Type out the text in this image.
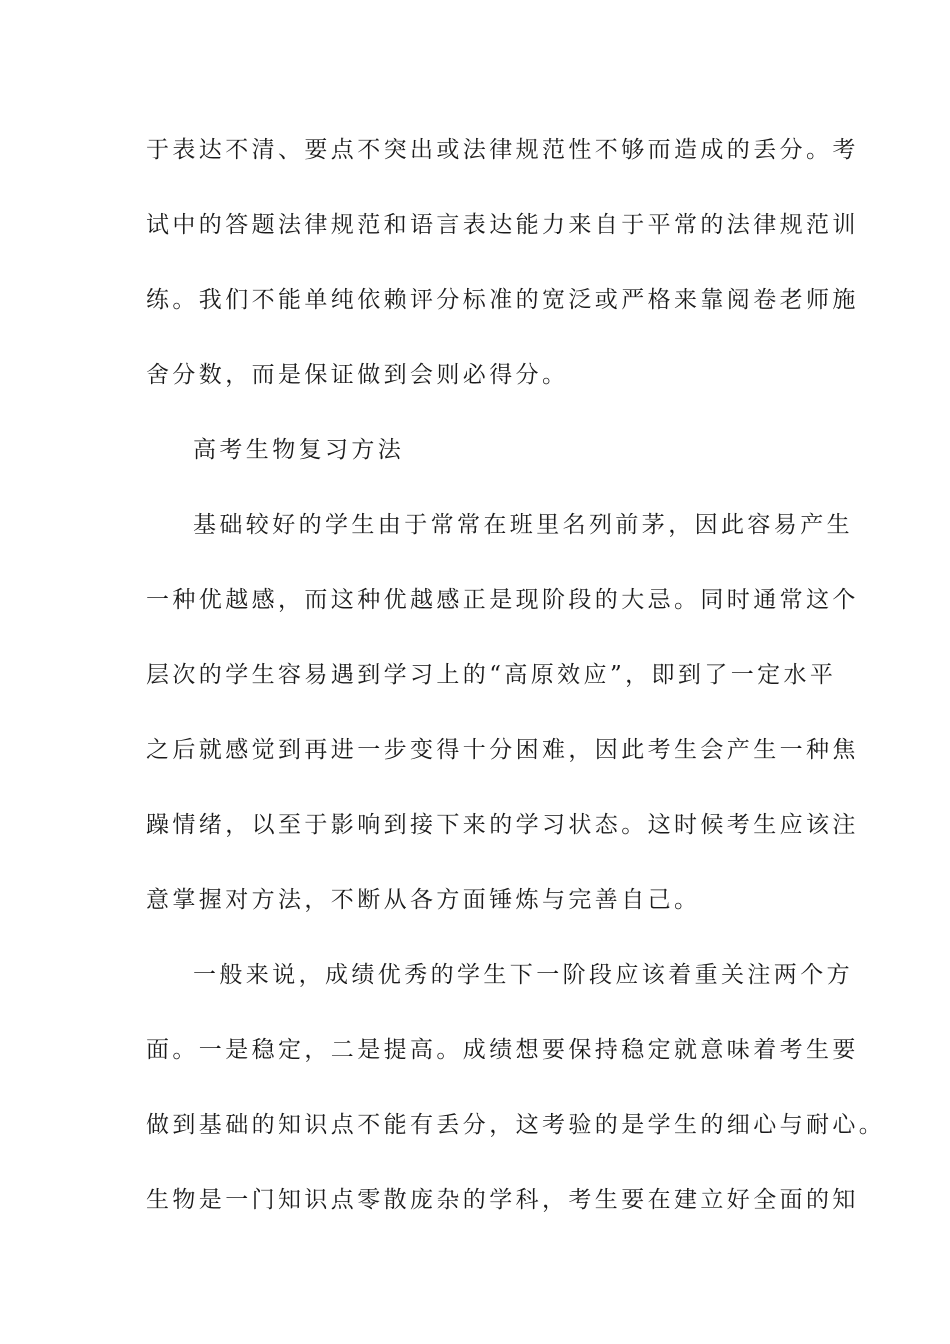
于表达不清、要点不突出或法律规范性不够而造成的丢分。考
试中的答题法律规范和语言表达能力来自于平常的法律规范训
练。我们不能单纯依赖评分标准的宽泛或严格来靠阅卷老师施
舍分数，而是保证做到会则必得分。
高考生物复习方法
基础较好的学生由于常常在班里名列前茅，因此容易产生
一种优越感，而这种优越感正是现阶段的大忌。同时通常这个
层次的学生容易遇到学习上的“高原效应”，即到了一定水平
之后就感觉到再进一步变得十分困难，因此考生会产生一种焦
躁情绪，以至于影响到接下来的学习状态。这时候考生应该注
意掌握对方法，不断从各方面锤炼与完善自己。
一般来说，成绩优秀的学生下一阶段应该着重关注两个方
面。一是稳定，二是提高。成绩想要保持稳定就意味着考生要
做到基础的知识点不能有丢分，这考验的是学生的细心与耐心。
生物是一门知识点零散庞杂的学科，考生要在建立好全面的知
